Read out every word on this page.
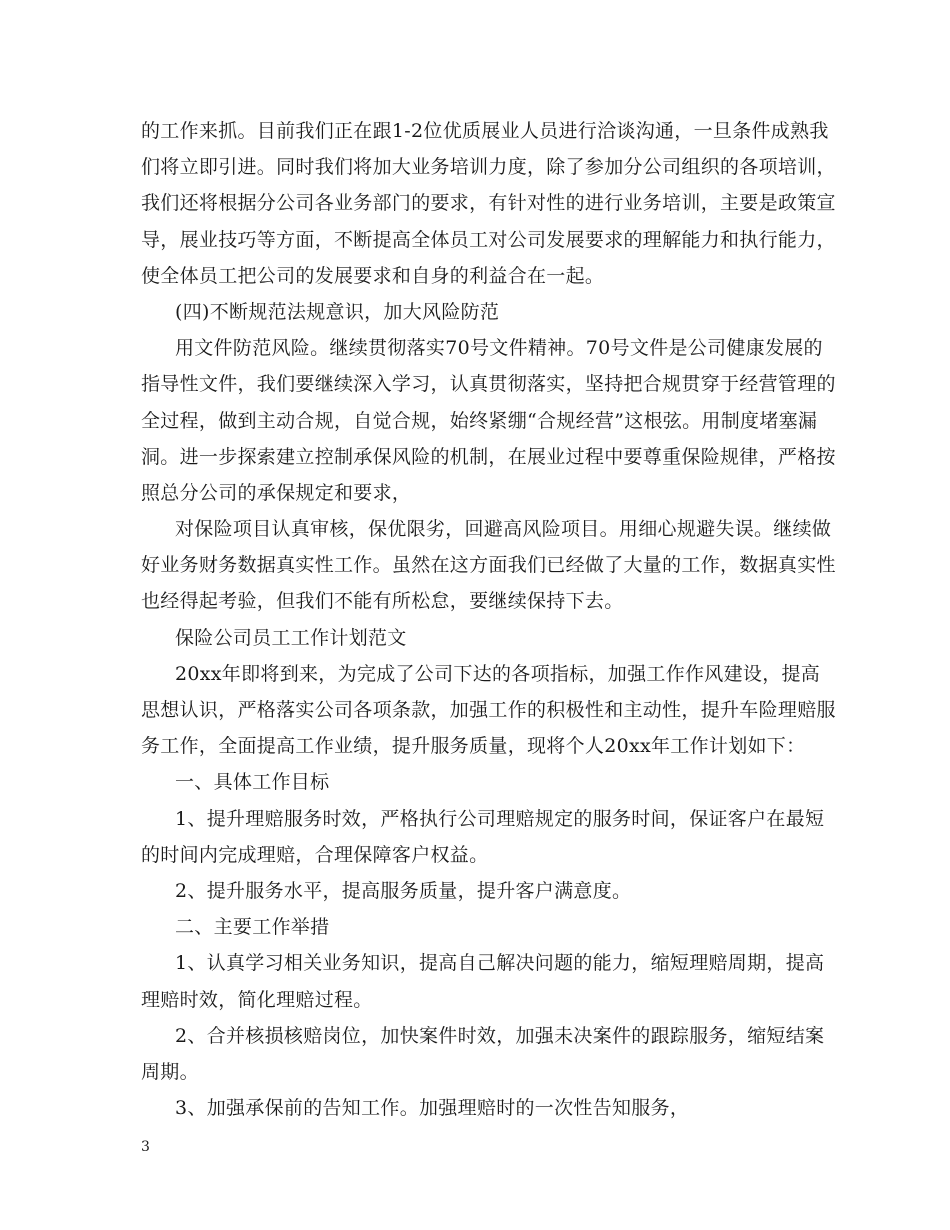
的工作来抓。目前我们正在跟1-2位优质展业人员进行洽谈沟通，一旦条件成熟我
们将立即引进。同时我们将加大业务培训力度，除了参加分公司组织的各项培训，
我们还将根据分公司各业务部门的要求，有针对性的进行业务培训，主要是政策宣
导，展业技巧等方面，不断提高全体员工对公司发展要求的理解能力和执行能力，
使全体员工把公司的发展要求和自身的利益合在一起。
(四)不断规范法规意识，加大风险防范
用文件防范风险。继续贯彻落实70号文件精神。70号文件是公司健康发展的
指导性文件，我们要继续深入学习，认真贯彻落实，坚持把合规贯穿于经营管理的
全过程，做到主动合规，自觉合规，始终紧绷“合规经营”这根弦。用制度堵塞漏
洞。进一步探索建立控制承保风险的机制，在展业过程中要尊重保险规律，严格按
照总分公司的承保规定和要求，
对保险项目认真审核，保优限劣，回避高风险项目。用细心规避失误。继续做
好业务财务数据真实性工作。虽然在这方面我们已经做了大量的工作，数据真实性
也经得起考验，但我们不能有所松怠，要继续保持下去。
保险公司员工工作计划范文
20xx年即将到来，为完成了公司下达的各项指标，加强工作作风建设，提高
思想认识，严格落实公司各项条款，加强工作的积极性和主动性，提升车险理赔服
务工作，全面提高工作业绩，提升服务质量，现将个人20xx年工作计划如下：
一、具体工作目标
1、提升理赔服务时效，严格执行公司理赔规定的服务时间，保证客户在最短
的时间内完成理赔，合理保障客户权益。
2、提升服务水平，提高服务质量，提升客户满意度。
二、主要工作举措
1、认真学习相关业务知识，提高自己解决问题的能力，缩短理赔周期，提高
理赔时效，简化理赔过程。
2、合并核损核赔岗位，加快案件时效，加强未决案件的跟踪服务，缩短结案
周期。
3、加强承保前的告知工作。加强理赔时的一次性告知服务，
3
